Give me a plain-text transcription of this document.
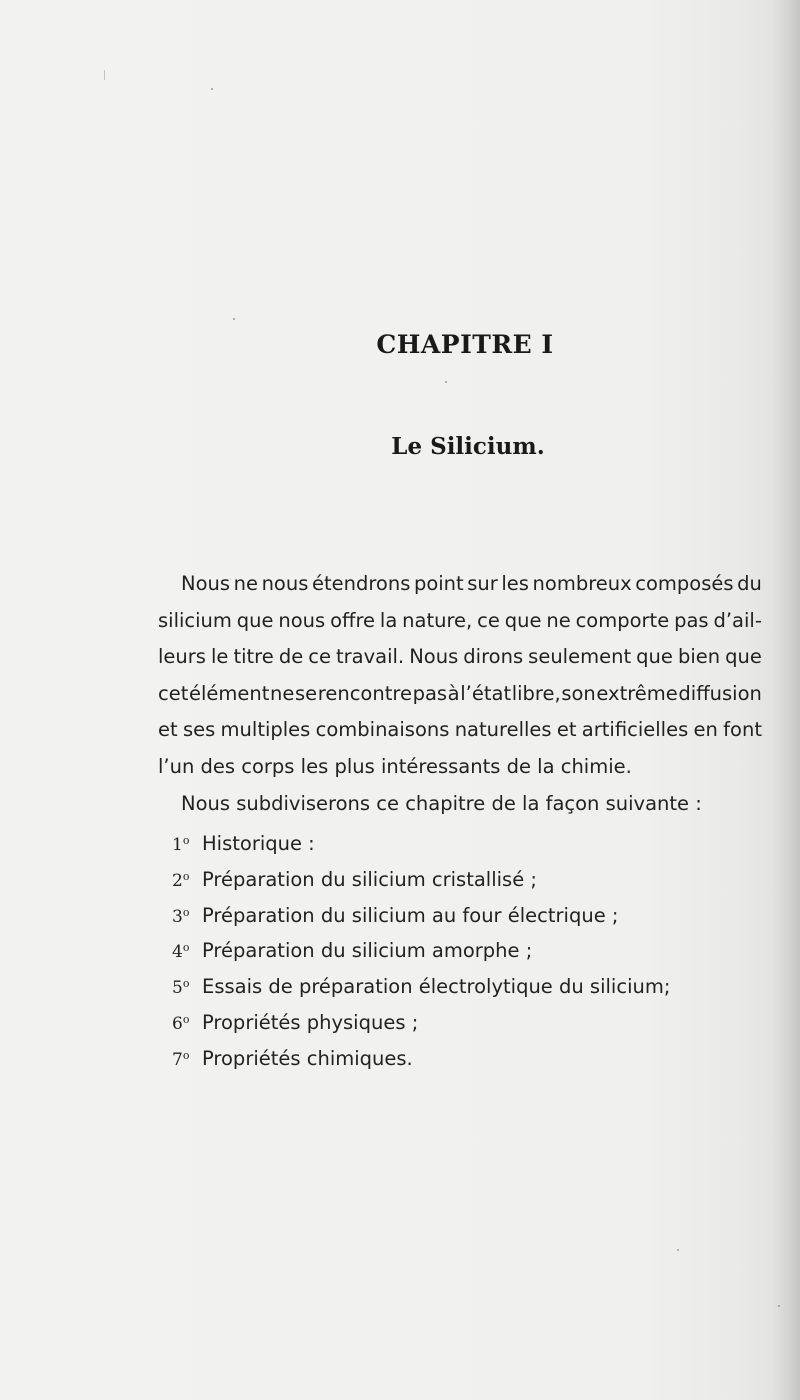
CHAPITRE I
Le Silicium.
Nous ne nous étendrons point sur les nombreux composés du
silicium que nous offre la nature, ce que ne comporte pas d’ail-
leurs le titre de ce travail. Nous dirons seulement que bien que
cet élément ne se rencontre pas à l’état libre, son extrême diffusion
et ses multiples combinaisons naturelles et artificielles en font
l’un des corps les plus intéressants de la chimie.
Nous subdiviserons ce chapitre de la façon suivante :
1$^o$ Historique :
2$^o$ Préparation du silicium cristallisé ;
3$^o$ Préparation du silicium au four électrique ;
4$^o$ Préparation du silicium amorphe ;
5$^o$ Essais de préparation électrolytique du silicium;
6$^o$ Propriétés physiques ;
7$^o$ Propriétés chimiques.
